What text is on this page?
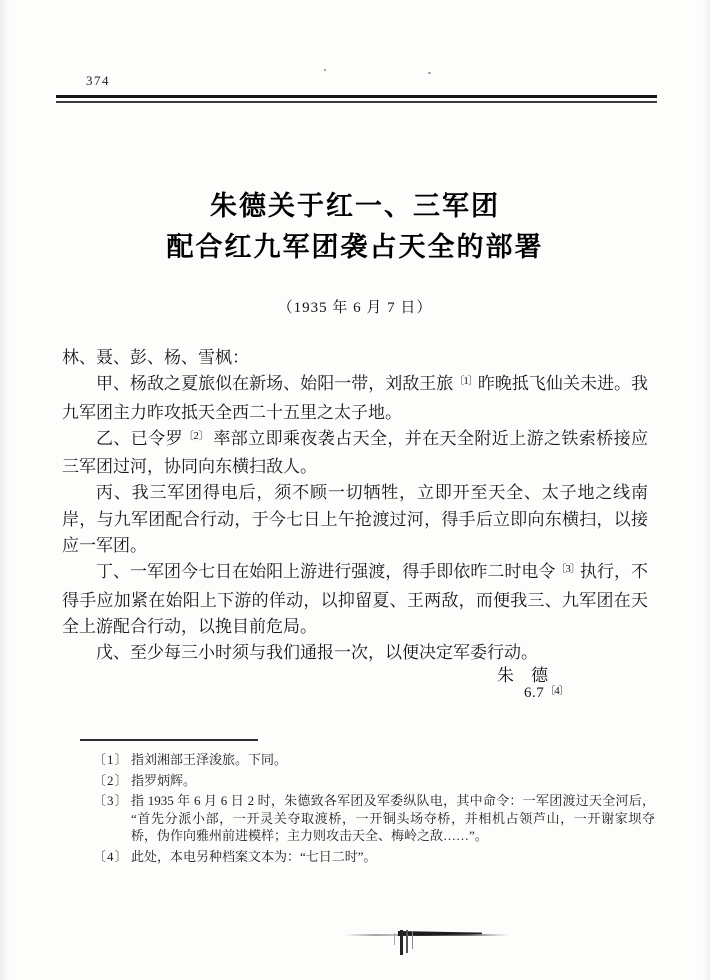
374
朱德关于红一、三军团
配合红九军团袭占天全的部署
（1935 年 6 月 7 日）

林、聂、彭、杨、雪枫：

甲、杨敌之夏旅似在新场、始阳一带，刘敌王旅$^{〔1〕}$昨晚抵飞仙关未进。我九军团主力昨攻抵天全西二十五里之太子地。

乙、已令罗$^{〔2〕}$ 率部立即乘夜袭占天全，并在天全附近上游之铁索桥接应三军团过河，协同向东横扫敌人。

丙、我三军团得电后，须不顾一切牺牲，立即开至天全、太子地之线南岸，与九军团配合行动，于今七日上午抢渡过河，得手后立即向东横扫，以接应一军团。

丁、一军团今七日在始阳上游进行强渡，得手即依昨二时电令$^{〔3〕}$执行，不得手应加紧在始阳上下游的佯动，以抑留夏、王两敌，而便我三、九军团在天全上游配合行动，以挽目前危局。

戊、至少每三小时须与我们通报一次，以便决定军委行动。

朱　德
6.7$^{〔4〕}$
〔1〕 指刘湘部王泽浚旅。下同。
〔2〕 指罗炳辉。
〔3〕 指 1935 年 6 月 6 日 2 时，朱德致各军团及军委纵队电，其中命令：一军团渡过天全河后，“首先分派小部，一开灵关夺取渡桥，一开铜头场夺桥，并相机占领芦山，一开谢家坝夺桥，伪作向雅州前进模样；主力则攻击天全、梅岭之敌……”。
〔4〕 此处，本电另种档案文本为：“七日二时”。
